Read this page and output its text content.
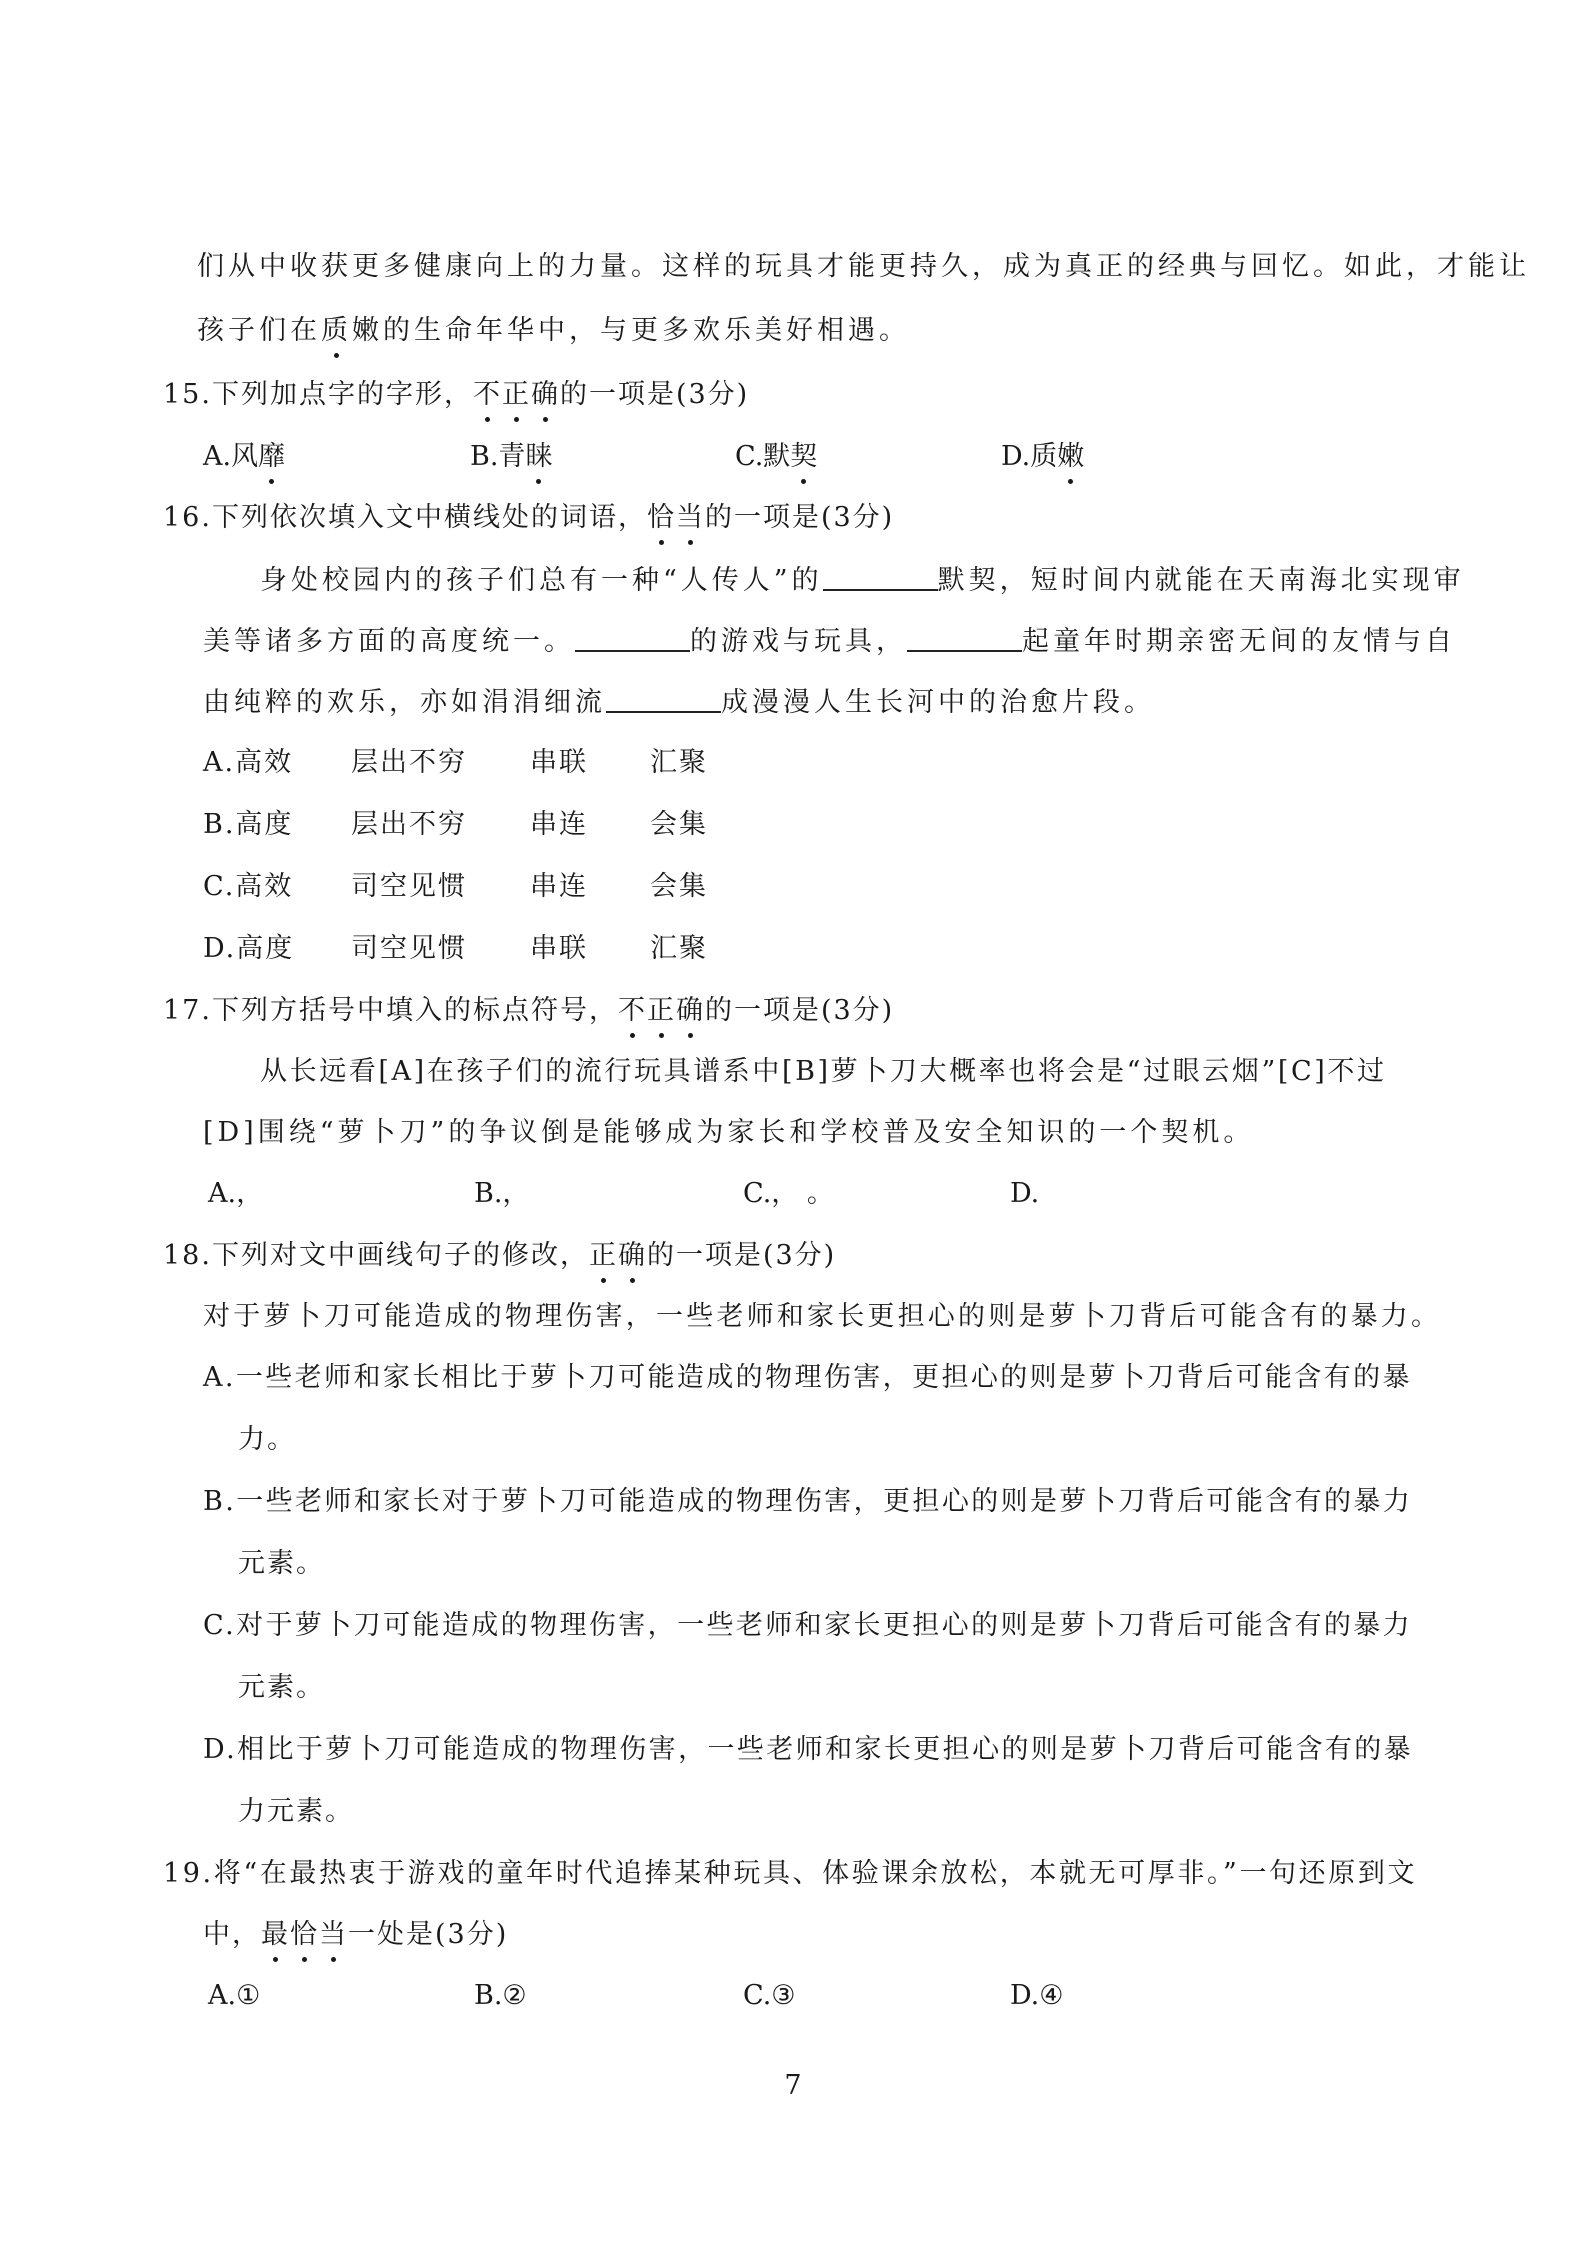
们从中收获更多健康向上的力量。这样的玩具才能更持久，成为真正的经典与回忆。如此，才能让
孩子们在质嫩的生命年华中，与更多欢乐美好相遇。
15.下列加点字的字形，不正确的一项是(3分)
A.风靡	B.青睐	C.默契	D.质嫩
16.下列依次填入文中横线处的词语，恰当的一项是(3分)
身处校园内的孩子们总有一种“人传人”的	默契，短时间内就能在天南海北实现审
美等诸多方面的高度统一。	的游戏与玩具，	起童年时期亲密无间的友情与自
由纯粹的欢乐，亦如涓涓细流	成漫漫人生长河中的治愈片段。
A.高效 层出不穷 串联 汇聚
B.高度 层出不穷 串连 会集
C.高效 司空见惯 串连 会集
D.高度 司空见惯 串联 汇聚
17.下列方括号中填入的标点符号，不正确的一项是(3分)
从长远看[A]在孩子们的流行玩具谱系中[B]萝卜刀大概率也将会是“过眼云烟”[C]不过
[D]围绕“萝卜刀”的争议倒是能够成为家长和学校普及安全知识的一个契机。
A.，	B.，	C.， 。	D.
18.下列对文中画线句子的修改，正确的一项是(3分)
对于萝卜刀可能造成的物理伤害，一些老师和家长更担心的则是萝卜刀背后可能含有的暴力。
A.一些老师和家长相比于萝卜刀可能造成的物理伤害，更担心的则是萝卜刀背后可能含有的暴
力。
B.一些老师和家长对于萝卜刀可能造成的物理伤害，更担心的则是萝卜刀背后可能含有的暴力
元素。
C.对于萝卜刀可能造成的物理伤害，一些老师和家长更担心的则是萝卜刀背后可能含有的暴力
元素。
D.相比于萝卜刀可能造成的物理伤害，一些老师和家长更担心的则是萝卜刀背后可能含有的暴
力元素。
19.将“在最热衷于游戏的童年时代追捧某种玩具、体验课余放松，本就无可厚非。”一句还原到文
中，最恰当一处是(3分)
A.①	B.②	C.③	D.④
7
